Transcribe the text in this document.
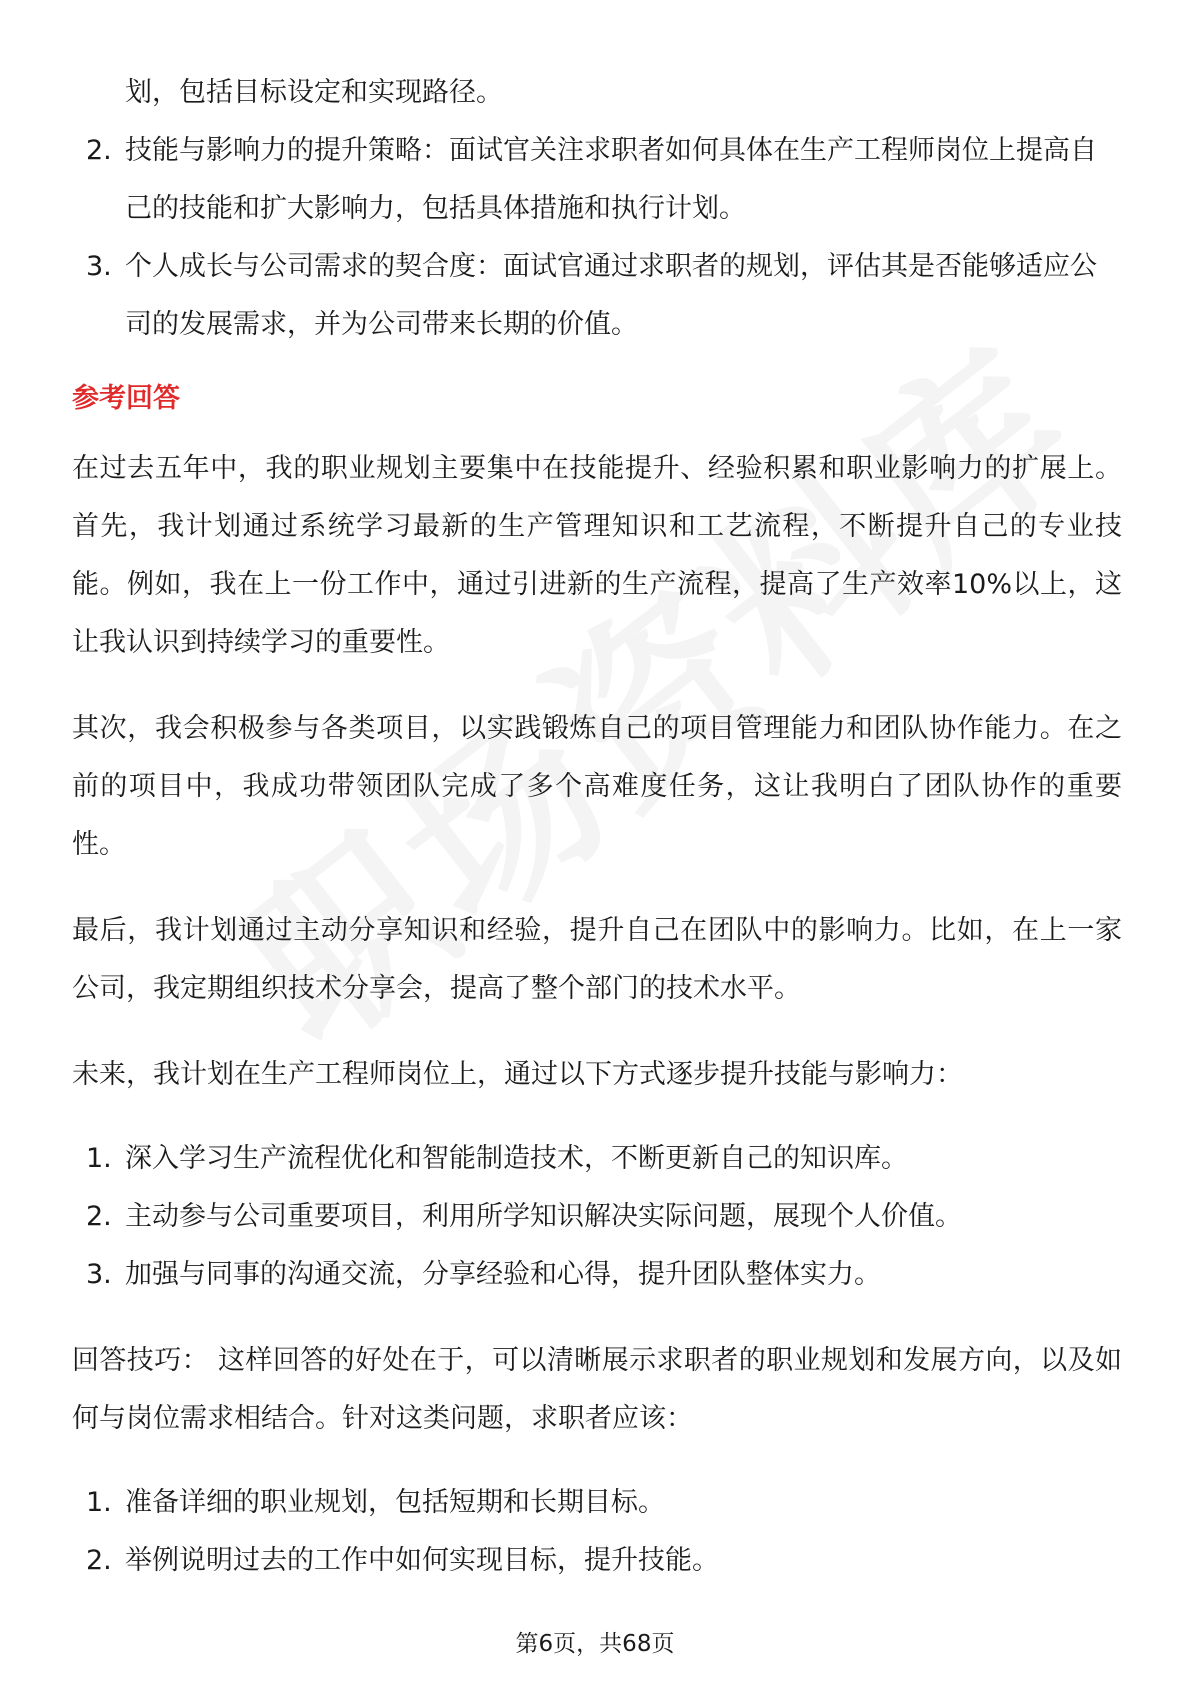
划，包括目标设定和实现路径。

2. 技能与影响力的提升策略：面试官关注求职者如何具体在生产工程师岗位上提高自己的技能和扩大影响力，包括具体措施和执行计划。
3. 个人成长与公司需求的契合度：面试官通过求职者的规划，评估其是否能够适应公司的发展需求，并为公司带来长期的价值。
参考回答

在过去五年中，我的职业规划主要集中在技能提升、经验积累和职业影响力的扩展上。首先，我计划通过系统学习最新的生产管理知识和工艺流程，不断提升自己的专业技能。例如，我在上一份工作中，通过引进新的生产流程，提高了生产效率10%以上，这让我认识到持续学习的重要性。

其次，我会积极参与各类项目，以实践锻炼自己的项目管理能力和团队协作能力。在之前的项目中，我成功带领团队完成了多个高难度任务，这让我明白了团队协作的重要性。

最后，我计划通过主动分享知识和经验，提升自己在团队中的影响力。比如，在上一家公司，我定期组织技术分享会，提高了整个部门的技术水平。

未来，我计划在生产工程师岗位上，通过以下方式逐步提升技能与影响力：

1. 深入学习生产流程优化和智能制造技术，不断更新自己的知识库。
2. 主动参与公司重要项目，利用所学知识解决实际问题，展现个人价值。
3. 加强与同事的沟通交流，分享经验和心得，提升团队整体实力。

回答技巧： 这样回答的好处在于，可以清晰展示求职者的职业规划和发展方向，以及如何与岗位需求相结合。针对这类问题，求职者应该：

1. 准备详细的职业规划，包括短期和长期目标。
2. 举例说明过去的工作中如何实现目标，提升技能。
第6页，共68页
